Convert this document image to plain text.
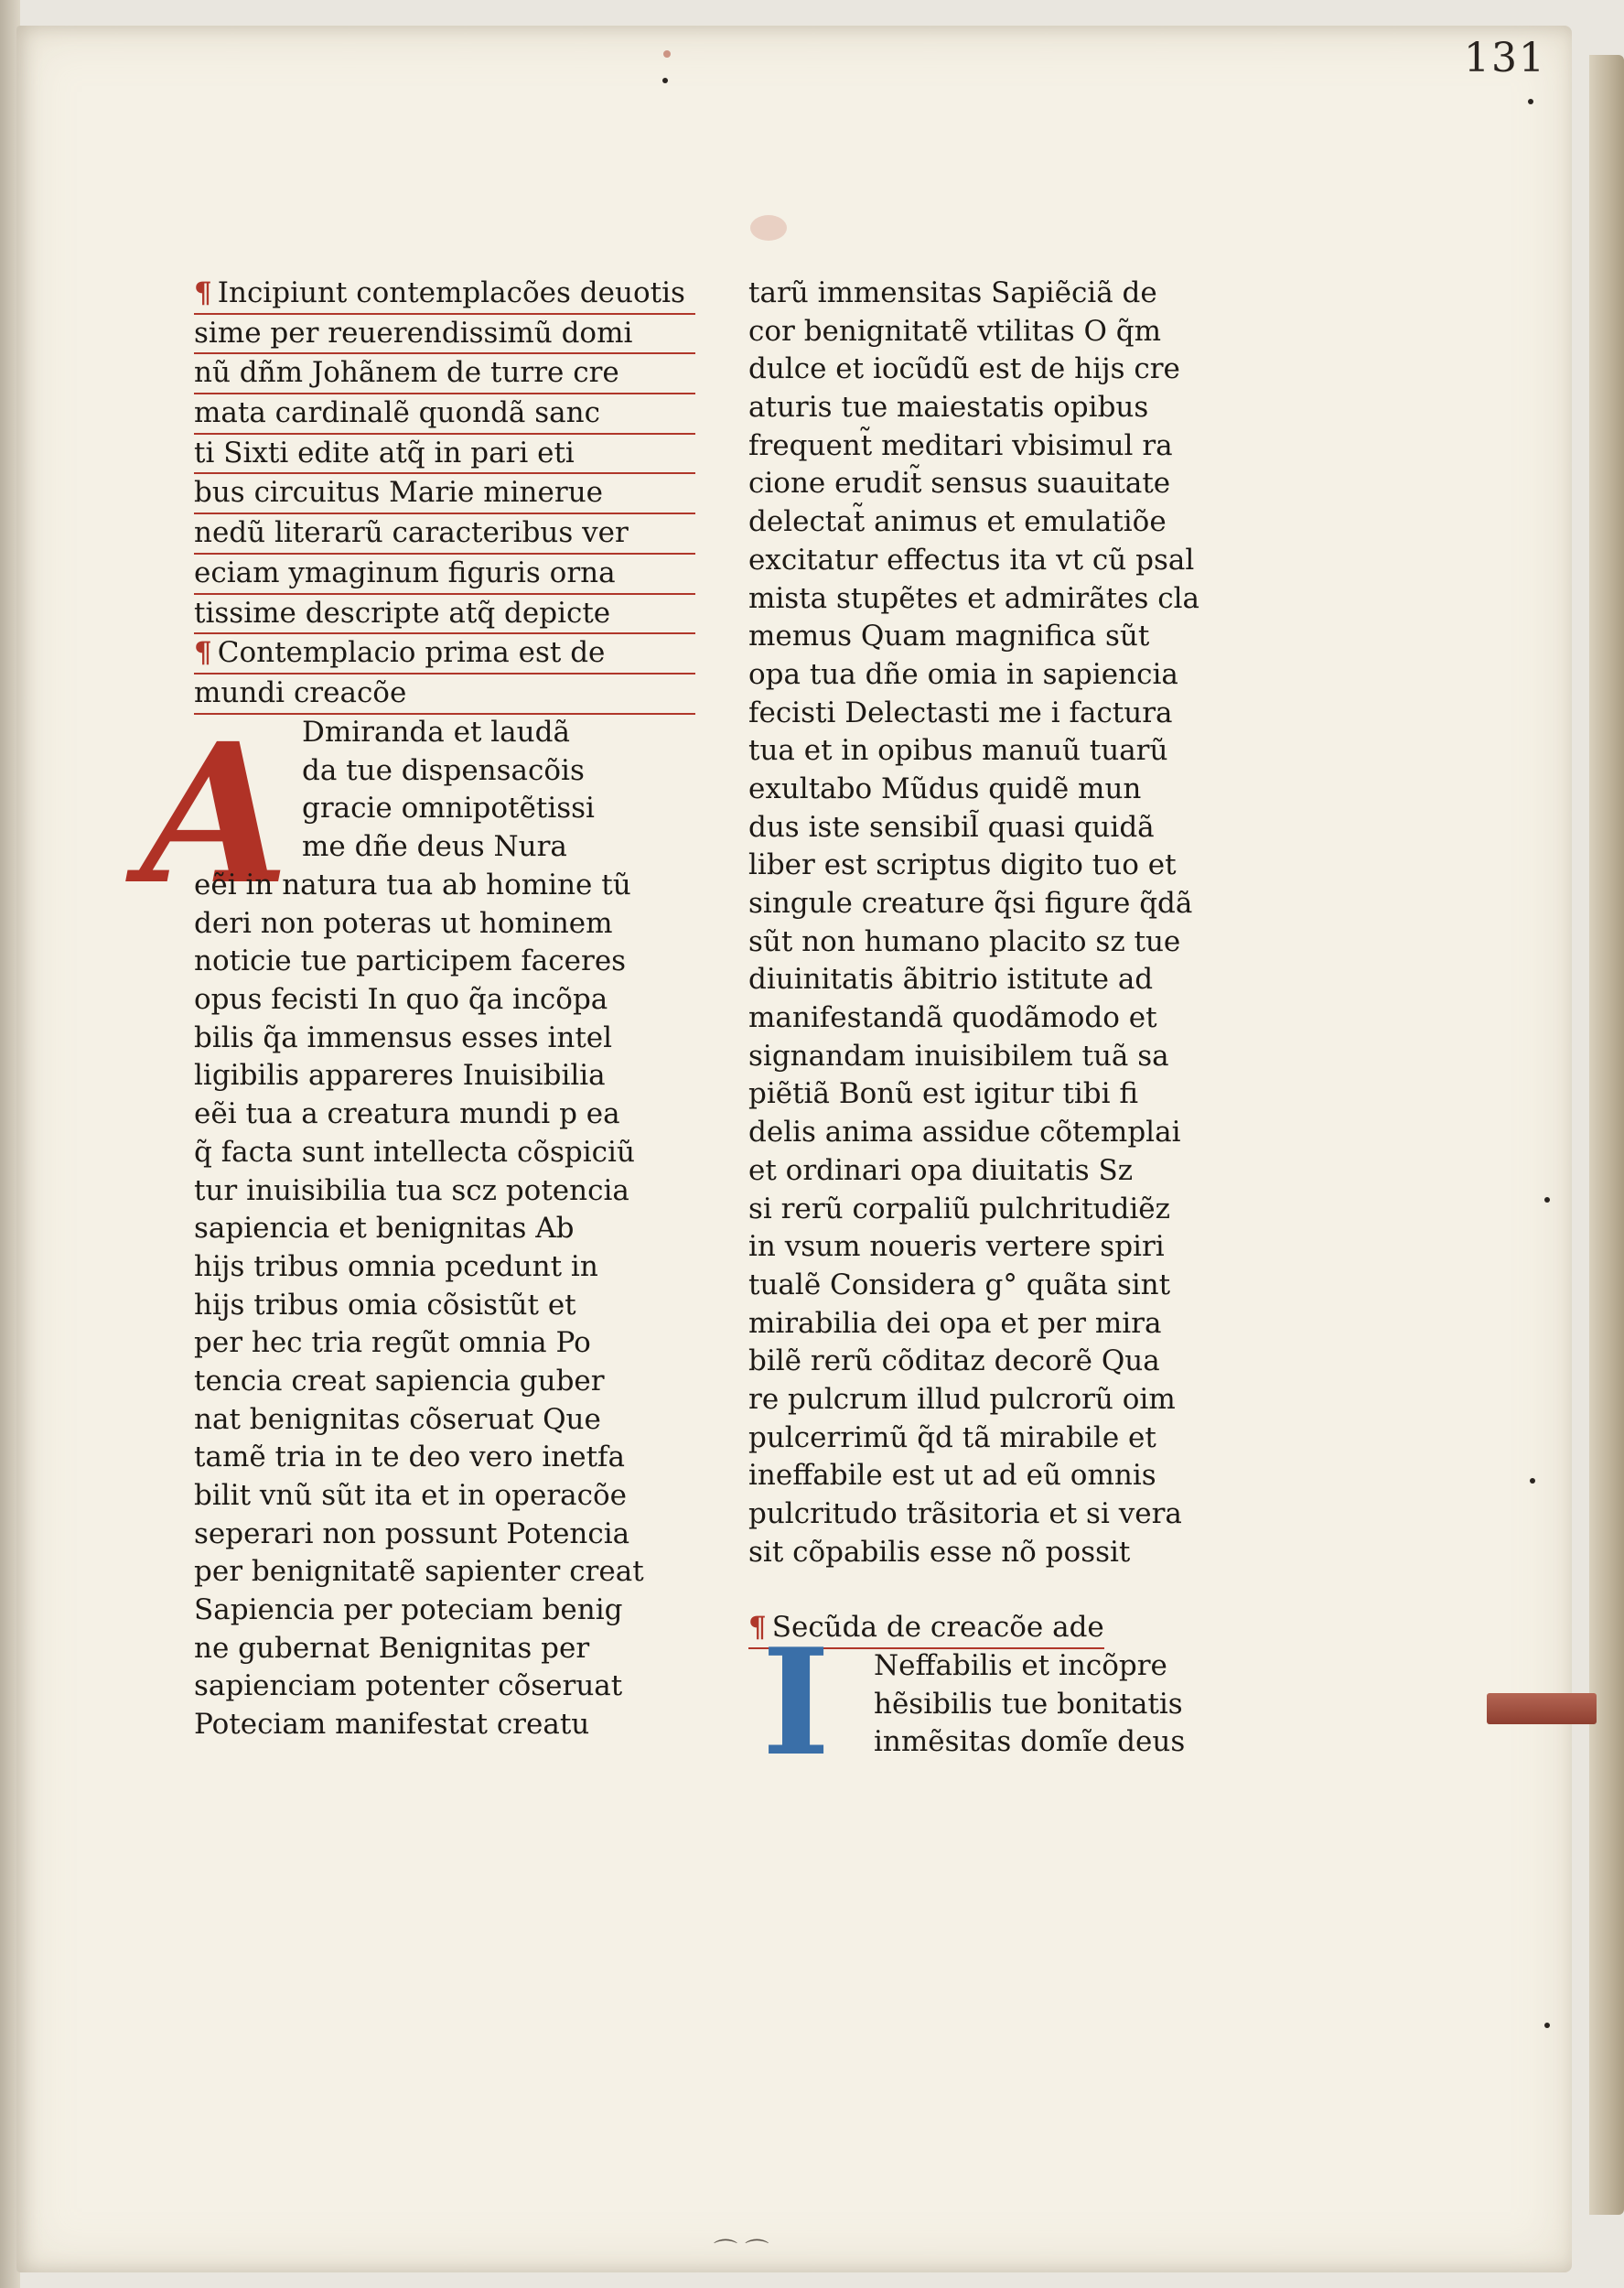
131
¶ Incipiunt contemplacões deuotis
sime per reuerendissimũ domi
nũ dñm Johãnem de turre cre
mata cardinalẽ quondã sanc
ti Sixti edite atq̃ in pari eti
bus circuitus Marie minerue
nedũ literarũ caracteribus ver
eciam ymaginum figuris orna
tissime descripte atq̃ depicte
¶ Contemplacio prima est de
mundi creacõe
A Dmiranda et laudã
da tue dispensacõis
gracie omnipotẽtissi
me dñe deus Nura
eẽi in natura tua ab homine tũ
deri non poteras ut hominem
noticie tue participem faceres
opus fecisti In quo q̃a incõpa
bilis q̃a immensus esses intel
ligibilis appareres Inuisibilia
eẽi tua a creatura mundi p ea
q̃ facta sunt intellecta cõspiciũ
tur inuisibilia tua scz potencia
sapiencia et benignitas Ab
hijs tribus omnia pcedunt in
hijs tribus omia cõsistũt et
per hec tria regũt omnia Po
tencia creat sapiencia guber
nat benignitas cõseruat Que
tamẽ tria in te deo vero inetfa
bilit vnũ sũt ita et in operacõe
seperari non possunt Potencia
per benignitatẽ sapienter creat
Sapiencia per poteciam benig
ne gubernat Benignitas per
sapienciam potenter cõseruat
Poteciam manifestat creatu
tarũ immensitas Sapiẽciã de
cor benignitatẽ vtilitas O q̃m
dulce et iocũdũ est de hijs cre
aturis tue maiestatis opibus
frequent̃ meditari vbisimul ra
cione erudit̃ sensus suauitate
delectat̃ animus et emulatiõe
excitatur effectus ita vt cũ psal
mista stupẽtes et admirãtes cla
memus Quam magnifica sũt
opa tua dñe omia in sapiencia
fecisti Delectasti me i factura
tua et in opibus manuũ tuarũ
exultabo Mũdus quidẽ mun
dus iste sensibil̃ quasi quidã
liber est scriptus digito tuo et
singule creature q̃si figure q̃dã
sũt non humano placito sz tue
diuinitatis ãbitrio istitute ad
manifestandã quodãmodo et
signandam inuisibilem tuã sa
piẽtiã Bonũ est igitur tibi fi
delis anima assidue cõtemplai
et ordinari opa diuitatis Sz
si rerũ corpaliũ pulchritudiẽz
in vsum noueris vertere spiri
tualẽ Considera g° quãta sint
mirabilia dei opa et per mira
bilẽ rerũ cõditaz decorẽ Qua
re pulcrum illud pulcrorũ oim
pulcerrimũ q̃d tã mirabile et
ineffabile est ut ad eũ omnis
pulcritudo trãsitoria et si vera
sit cõpabilis esse nõ possit
¶ Secũda de creacõe ade
I	Neffabilis et incõpre
hẽsibilis tue bonitatis
inmẽsitas domĩe deus
⌒ ⌒
